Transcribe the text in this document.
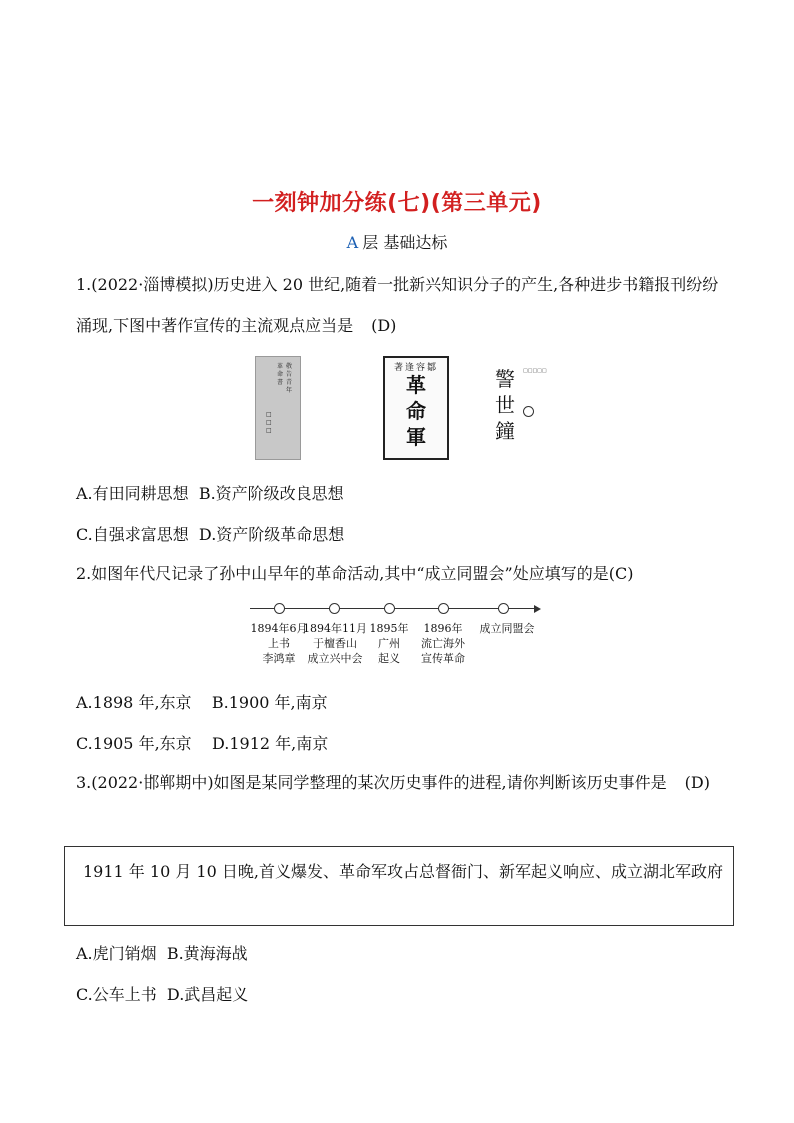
一刻钟加分练(七)(第三单元)
A 层 基础达标
1.(2022·淄博模拟)历史进入 20 世纪,随着一批新兴知识分子的产生,各种进步书籍报刊纷纷涌现,下图中著作宣传的主流观点应当是 (D)
敬告青年
革命書
□□□
著逢容鄒
革命軍
警世鐘
□□□□□
A.有田同耕思想  B.资产阶级改良思想
C.自强求富思想  D.资产阶级革命思想
2.如图年代尺记录了孙中山早年的革命活动,其中“成立同盟会”处应填写的是(C)
1894年6月
上书
李鸿章
1894年11月
于檀香山
成立兴中会
1895年
广州
起义
1896年
流亡海外
宣传革命
成立同盟会
A.1898 年,东京    B.1900 年,南京
C.1905 年,东京    D.1912 年,南京
3.(2022·邯郸期中)如图是某同学整理的某次历史事件的进程,请你判断该历史事件是 (D)
1911 年 10 月 10 日晚,首义爆发、革命军攻占总督衙门、新军起义响应、成立湖北军政府
A.虎门销烟  B.黄海海战
C.公车上书  D.武昌起义
